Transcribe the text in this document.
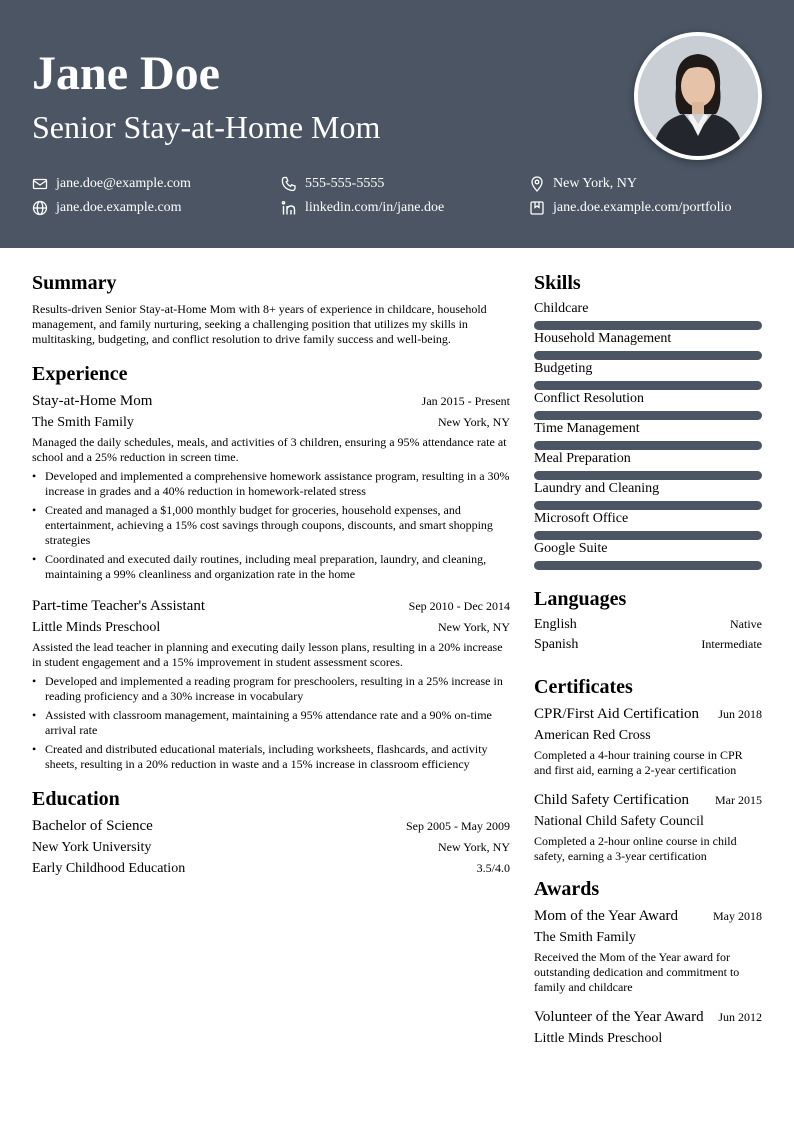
Jane Doe
Senior Stay-at-Home Mom
jane.doe@example.com	555-555-5555	New York, NY
jane.doe.example.com	linkedin.com/in/jane.doe	jane.doe.example.com/portfolio
Summary

Results-driven Senior Stay-at-Home Mom with 8+ years of experience in childcare, household management, and family nurturing, seeking a challenging position that utilizes my skills in multitasking, budgeting, and conflict resolution to drive family success and well-being.

Experience
Stay-at-Home Mom	Jan 2015 - Present
The Smith Family	New York, NY

Managed the daily schedules, meals, and activities of 3 children, ensuring a 95% attendance rate at school and a 25% reduction in screen time.

• Developed and implemented a comprehensive homework assistance program, resulting in a 30% increase in grades and a 40% reduction in homework-related stress
• Created and managed a $1,000 monthly budget for groceries, household expenses, and entertainment, achieving a 15% cost savings through coupons, discounts, and smart shopping strategies
• Coordinated and executed daily routines, including meal preparation, laundry, and cleaning, maintaining a 99% cleanliness and organization rate in the home
Part-time Teacher's Assistant	Sep 2010 - Dec 2014
Little Minds Preschool	New York, NY

Assisted the lead teacher in planning and executing daily lesson plans, resulting in a 20% increase in student engagement and a 15% improvement in student assessment scores.

• Developed and implemented a reading program for preschoolers, resulting in a 25% increase in reading proficiency and a 30% increase in vocabulary
• Assisted with classroom management, maintaining a 95% attendance rate and a 90% on-time arrival rate
• Created and distributed educational materials, including worksheets, flashcards, and activity sheets, resulting in a 20% reduction in waste and a 15% increase in classroom efficiency
Education
Bachelor of Science	Sep 2005 - May 2009
New York University	New York, NY
Early Childhood Education	3.5/4.0
Skills
Childcare
Household Management
Budgeting
Conflict Resolution
Time Management
Meal Preparation
Laundry and Cleaning
Microsoft Office
Google Suite
Languages
English	Native
Spanish	Intermediate
Certificates
CPR/First Aid Certification Jun 2018
American Red Cross

Completed a 4-hour training course in CPR and first aid, earning a 2-year certification

Child Safety Certification Mar 2015
National Child Safety Council

Completed a 2-hour online course in child safety, earning a 3-year certification

Awards
Mom of the Year Award	May 2018
The Smith Family

Received the Mom of the Year award for outstanding dedication and commitment to family and childcare

Volunteer of the Year Award Jun 2012
Little Minds Preschool
